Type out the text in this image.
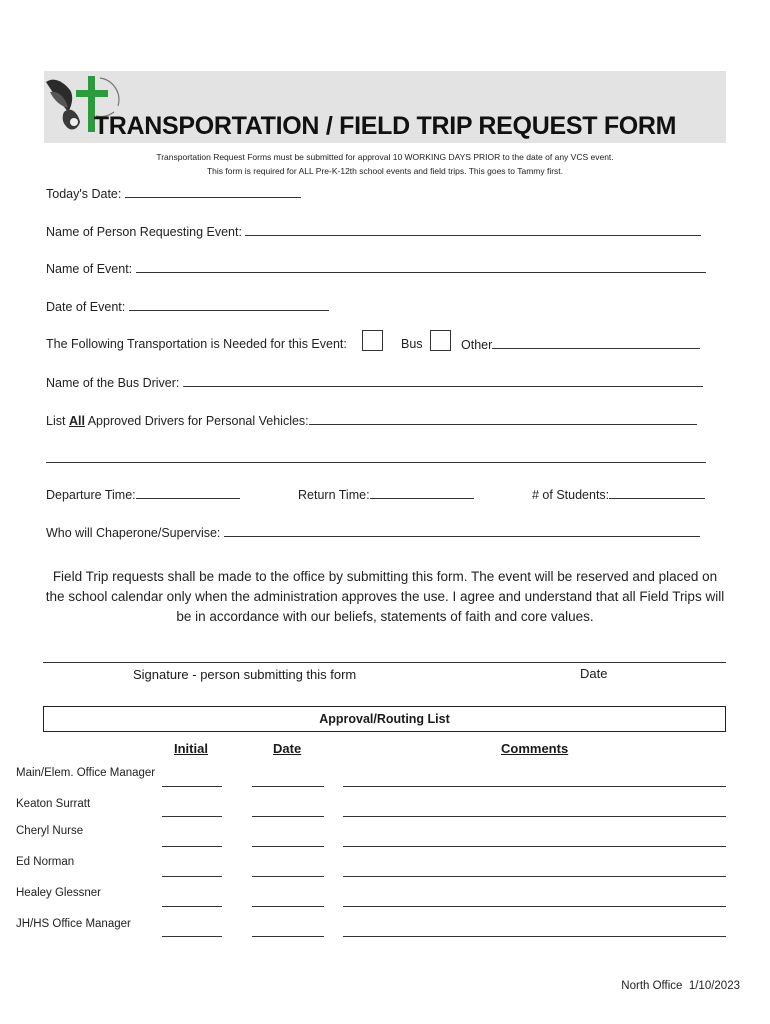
TRANSPORTATION / FIELD TRIP REQUEST FORM
Transportation Request Forms must be submitted for approval 10 WORKING DAYS PRIOR to the date of any VCS event.
This form is required for ALL Pre-K-12th school events and field trips. This goes to Tammy first.
Today's Date:
Name of Person Requesting Event:
Name of Event:
Date of Event:
The Following Transportation is Needed for this Event:	Bus	Other
Name of the Bus Driver:
List All Approved Drivers for Personal Vehicles:
Departure Time:	Return Time:	# of Students:
Who will Chaperone/Supervise:
Field Trip requests shall be made to the office by submitting this form. The event will be reserved and placed on the school calendar only when the administration approves the use. I agree and understand that all Field Trips will be in accordance with our beliefs, statements of faith and core values.
Signature - person submitting this form	Date
Approval/Routing List
Initial	Date	Comments
Main/Elem. Office Manager
Keaton Surratt
Cheryl Nurse
Ed Norman
Healey Glessner
JH/HS Office Manager
North Office  1/10/2023
